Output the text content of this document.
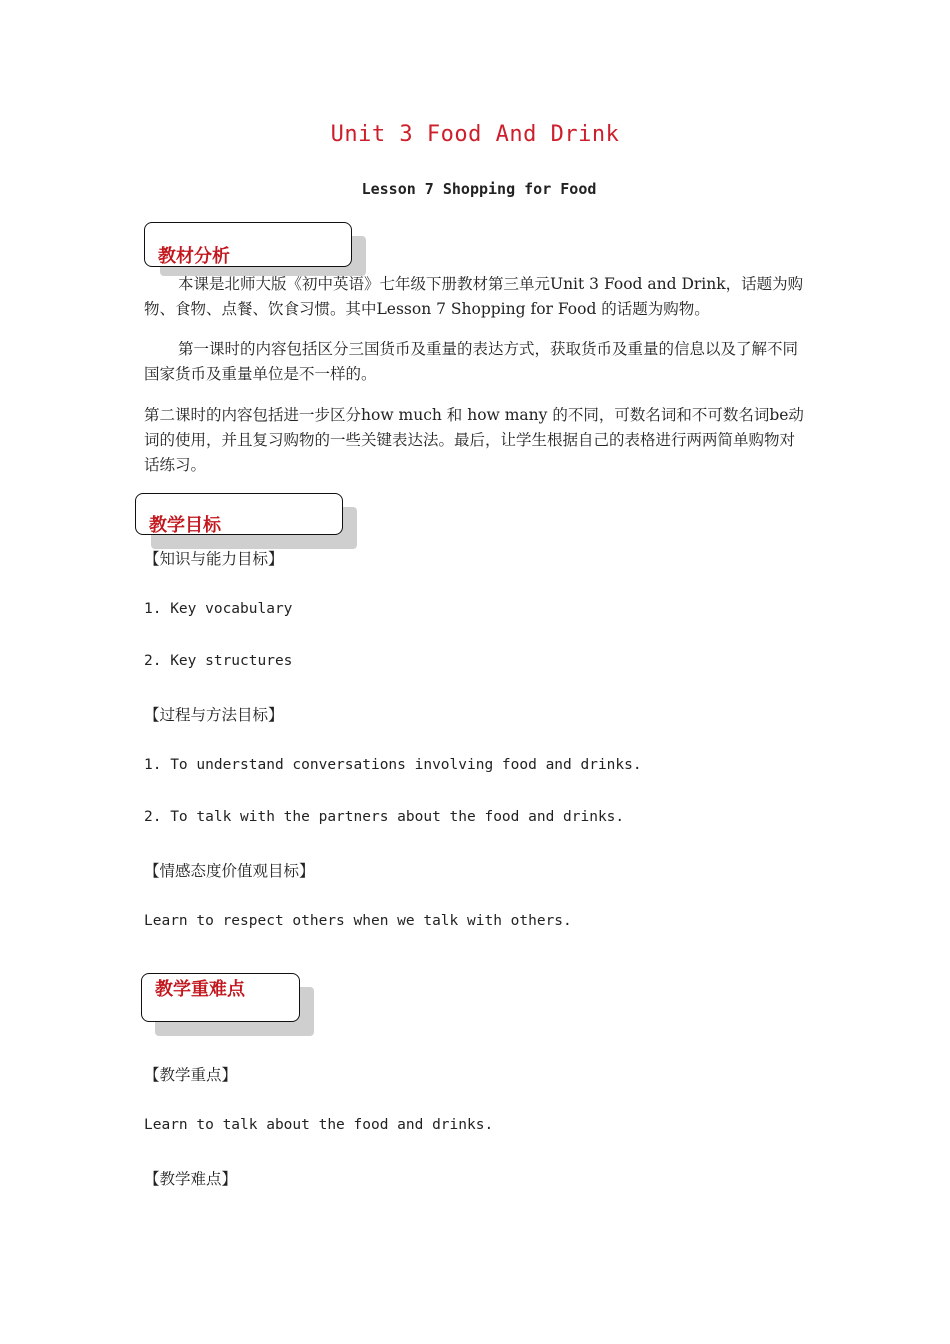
Unit 3 Food And Drink
Lesson 7 Shopping for Food
教材分析
本课是北师大版《初中英语》七年级下册教材第三单元Unit 3 Food and Drink，话题为购物、食物、点餐、饮食习惯。其中Lesson 7 Shopping for Food 的话题为购物。
第一课时的内容包括区分三国货币及重量的表达方式，获取货币及重量的信息以及了解不同国家货币及重量单位是不一样的。
第二课时的内容包括进一步区分how much 和 how many 的不同，可数名词和不可数名词be动词的使用，并且复习购物的一些关键表达法。最后，让学生根据自己的表格进行两两简单购物对话练习。
教学目标
【知识与能力目标】
1. Key vocabulary
2. Key structures
【过程与方法目标】
1. To understand conversations involving food and drinks.
2. To talk with the partners about the food and drinks.
【情感态度价值观目标】
Learn to respect others when we talk with others.
教学重难点
【教学重点】
Learn to talk about the food and drinks.
【教学难点】
